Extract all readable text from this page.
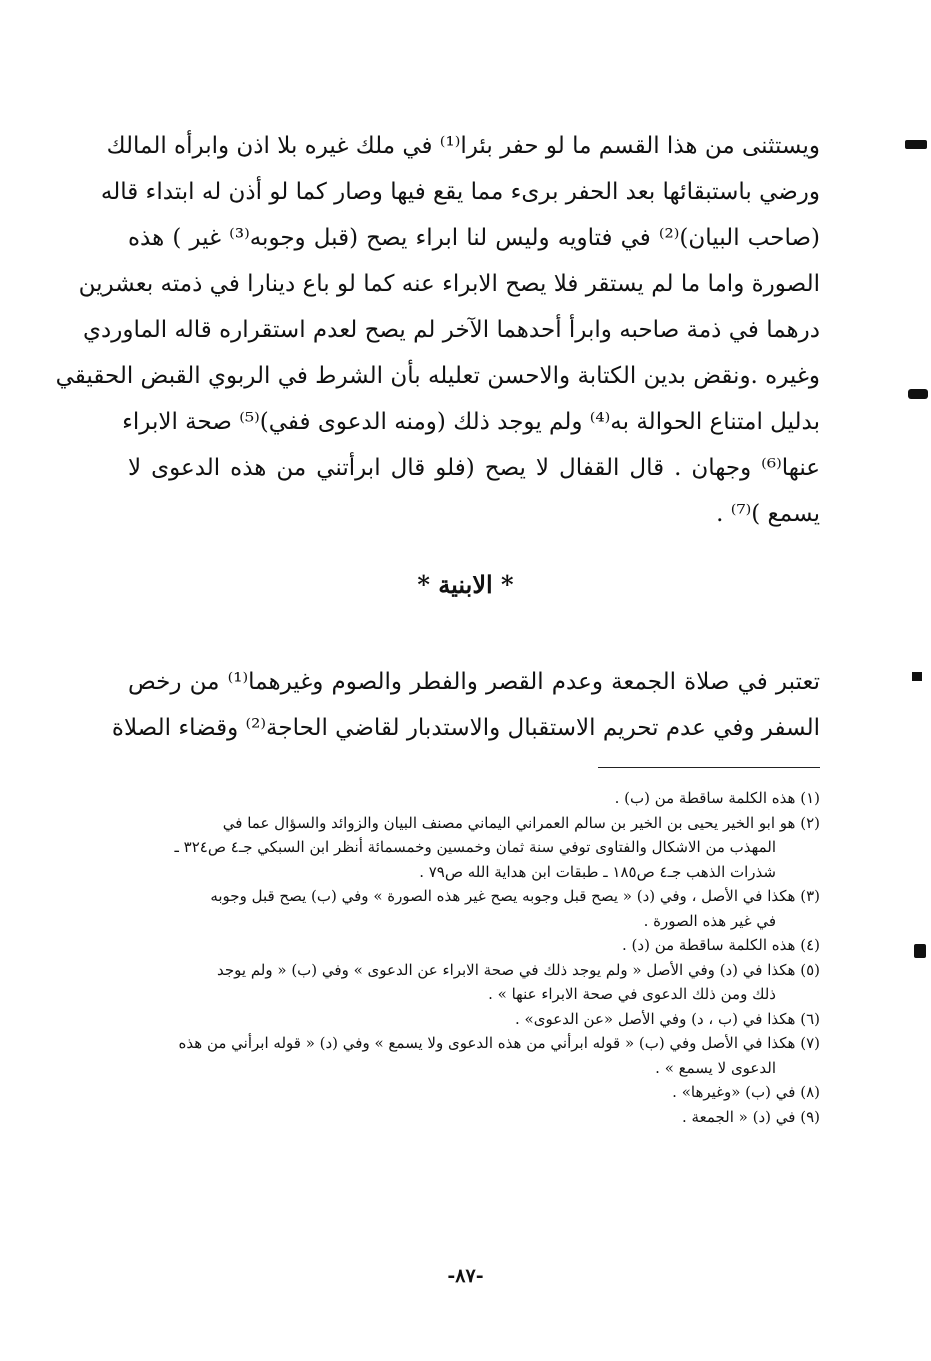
ويستثنى من هذا القسم ما لو حفر بئرا⁽¹⁾ في ملك غيره بلا اذن وابرأه المالك
ورضي باستبقائها بعد الحفر برىء مما يقع فيها وصار كما لو أذن له ابتداء قاله
(صاحب البيان)⁽²⁾ في فتاويه وليس لنا ابراء يصح (قبل وجوبه⁽³⁾ غير ) هذه
الصورة واما ما لم يستقر فلا يصح الابراء عنه كما لو باع دينارا في ذمته بعشرين
درهما في ذمة صاحبه وابرأ أحدهما الآخر لم يصح لعدم استقراره قاله الماوردي
وغيره .ونقض بدين الكتابة والاحسن تعليله بأن الشرط في الربوي القبض الحقيقي
بدليل امتناع الحوالة به⁽⁴⁾ ولم يوجد ذلك (ومنه الدعوى ففي)⁽⁵⁾ صحة الابراء
عنها⁽⁶⁾ وجهان . قال القفال لا يصح (فلو قال ابرأتني من هذه الدعوى لا
يسمع )⁽⁷⁾ .
* الابنية *
تعتبر في صلاة الجمعة وعدم القصر والفطر والصوم وغيرهما⁽¹⁾ من رخص
السفر وفي عدم تحريم الاستقبال والاستدبار لقاضي الحاجة⁽²⁾ وقضاء الصلاة
(١) هذه الكلمة ساقطة من (ب) .
(٢) هو ابو الخير يحيى بن الخير بن سالم العمراني اليماني مصنف البيان والزوائد والسؤال عما في
المهذب من الاشكال والفتاوى توفي سنة ثمان وخمسين وخمسمائة أنظر ابن السبكي جـ٤ ص٣٢٤ ـ
شذرات الذهب جـ٤ ص١٨٥ ـ طبقات ابن هداية الله ص٧٩ .
(٣) هكذا في الأصل ، وفي (د) « يصح قبل وجوبه يصح غير هذه الصورة » وفي (ب) يصح قبل وجوبه
في غير هذه الصورة .
(٤) هذه الكلمة ساقطة من (د) .
(٥) هكذا في (د) وفي الأصل « ولم يوجد ذلك في صحة الابراء عن الدعوى » وفي (ب) « ولم يوجد
ذلك ومن ذلك الدعوى في صحة الابراء عنها » .
(٦) هكذا في (ب ، د) وفي الأصل «عن الدعوى» .
(٧) هكذا في الأصل وفي (ب) « قوله ابرأني من هذه الدعوى ولا يسمع » وفي (د) « قوله ابرأني من هذه
الدعوى لا يسمع » .
(٨) في (ب) «وغيرها» .
(٩) في (د) « الجمعة .
-٨٧-
